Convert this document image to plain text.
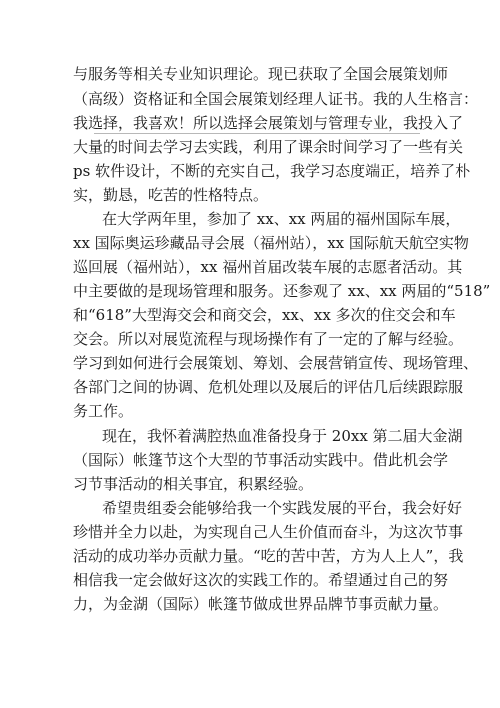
与服务等相关专业知识理论。现已获取了全国会展策划师
（高级）资格证和全国会展策划经理人证书。我的人生格言：
我选择，我喜欢！所以选择会展策划与管理专业，我投入了
大量的时间去学习去实践，利用了课余时间学习了一些有关
ps 软件设计，不断的充实自己，我学习态度端正，培养了朴
实，勤恳，吃苦的性格特点。
在大学两年里，参加了 xx、xx 两届的福州国际车展，
xx 国际奥运珍藏品寻会展（福州站），xx 国际航天航空实物
巡回展（福州站），xx 福州首届改装车展的志愿者活动。其
中主要做的是现场管理和服务。还参观了 xx、xx 两届的“518”
和“618”大型海交会和商交会，xx、xx 多次的住交会和车
交会。所以对展览流程与现场操作有了一定的了解与经验。
学习到如何进行会展策划、筹划、会展营销宣传、现场管理、
各部门之间的协调、危机处理以及展后的评估几后续跟踪服
务工作。
现在，我怀着满腔热血准备投身于 20xx 第二届大金湖
（国际）帐篷节这个大型的节事活动实践中。借此机会学
习节事活动的相关事宜，积累经验。
希望贵组委会能够给我一个实践发展的平台，我会好好
珍惜并全力以赴，为实现自己人生价值而奋斗，为这次节事
活动的成功举办贡献力量。“吃的苦中苦，方为人上人”，我
相信我一定会做好这次的实践工作的。希望通过自己的努
力，为金湖（国际）帐篷节做成世界品牌节事贡献力量。
